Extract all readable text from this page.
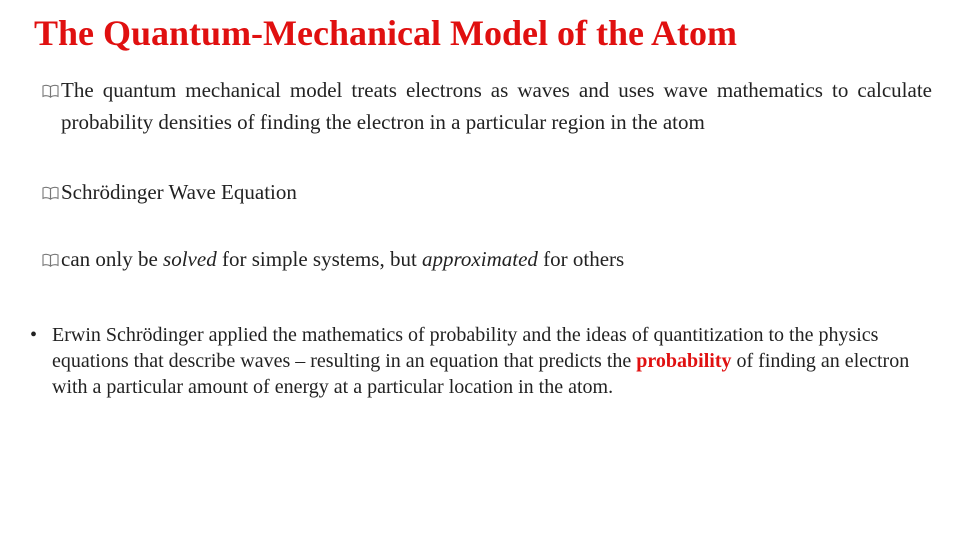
The Quantum-Mechanical Model of the Atom
The quantum mechanical model treats electrons as waves and uses wave mathematics to calculate probability densities of finding the electron in a particular region in the atom
Schrödinger Wave Equation
can only be solved for simple systems, but approximated for others
• Erwin Schrödinger applied the mathematics of probability and the ideas of quantitization to the physics equations that describe waves – resulting in an equation that predicts the probability of finding an electron with a particular amount of energy at a particular location in the atom.
